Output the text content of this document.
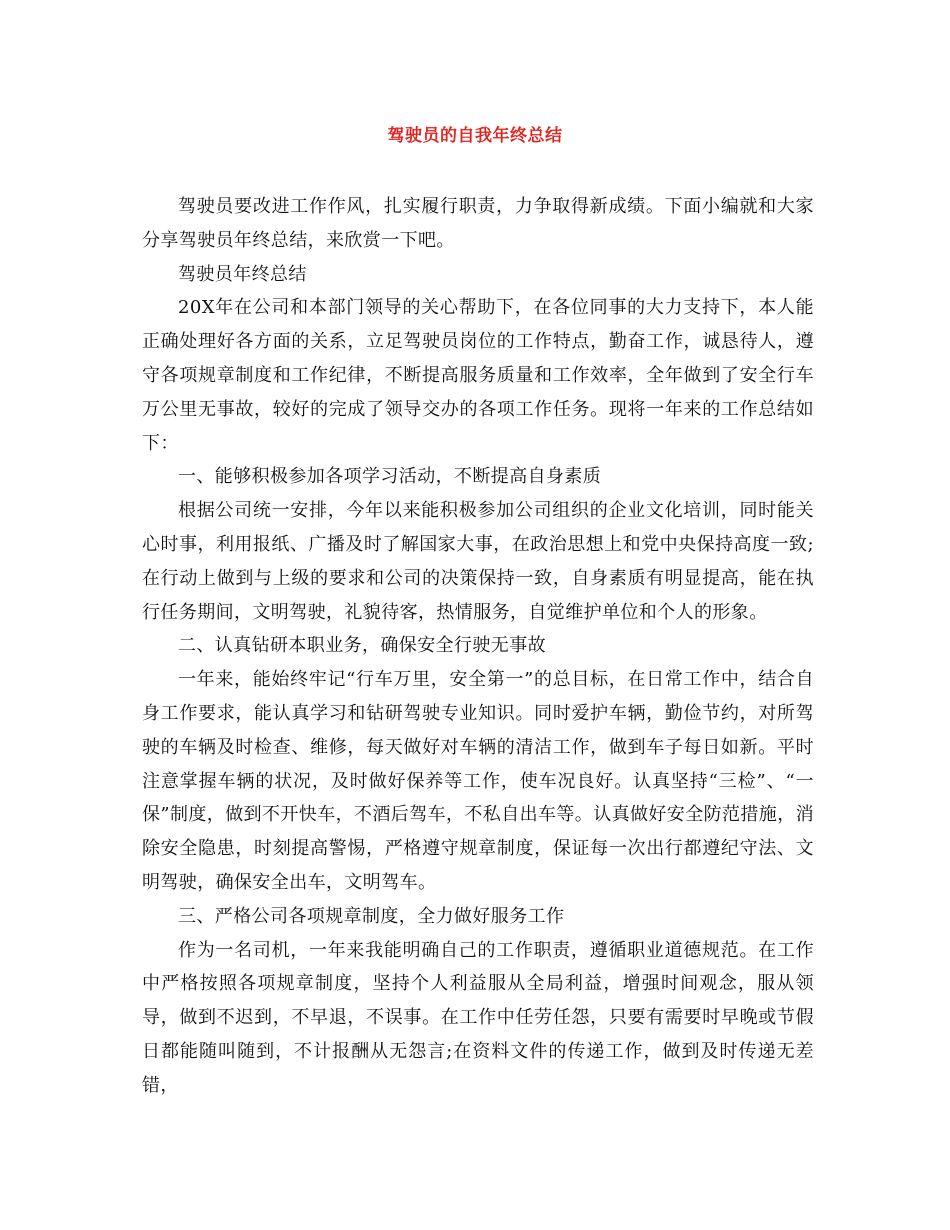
驾驶员的自我年终总结

驾驶员要改进工作作风，扎实履行职责，力争取得新成绩。下面小编就和大家分享驾驶员年终总结，来欣赏一下吧。

驾驶员年终总结

20X年在公司和本部门领导的关心帮助下，在各位同事的大力支持下，本人能正确处理好各方面的关系，立足驾驶员岗位的工作特点，勤奋工作，诚恳待人，遵守各项规章制度和工作纪律，不断提高服务质量和工作效率，全年做到了安全行车万公里无事故，较好的完成了领导交办的各项工作任务。现将一年来的工作总结如下：

一、能够积极参加各项学习活动，不断提高自身素质

根据公司统一安排，今年以来能积极参加公司组织的企业文化培训，同时能关心时事，利用报纸、广播及时了解国家大事，在政治思想上和党中央保持高度一致;在行动上做到与上级的要求和公司的决策保持一致，自身素质有明显提高，能在执行任务期间，文明驾驶，礼貌待客，热情服务，自觉维护单位和个人的形象。

二、认真钻研本职业务，确保安全行驶无事故

一年来，能始终牢记“行车万里，安全第一”的总目标，在日常工作中，结合自身工作要求，能认真学习和钻研驾驶专业知识。同时爱护车辆，勤俭节约，对所驾驶的车辆及时检查、维修，每天做好对车辆的清洁工作，做到车子每日如新。平时注意掌握车辆的状况，及时做好保养等工作，使车况良好。认真坚持“三检”、“一保”制度，做到不开快车，不酒后驾车，不私自出车等。认真做好安全防范措施，消除安全隐患，时刻提高警惕，严格遵守规章制度，保证每一次出行都遵纪守法、文明驾驶，确保安全出车，文明驾车。

三、严格公司各项规章制度，全力做好服务工作

作为一名司机，一年来我能明确自己的工作职责，遵循职业道德规范。在工作中严格按照各项规章制度，坚持个人利益服从全局利益，增强时间观念，服从领导，做到不迟到，不早退，不误事。在工作中任劳任怨，只要有需要时早晚或节假日都能随叫随到，不计报酬从无怨言;在资料文件的传递工作，做到及时传递无差错，
